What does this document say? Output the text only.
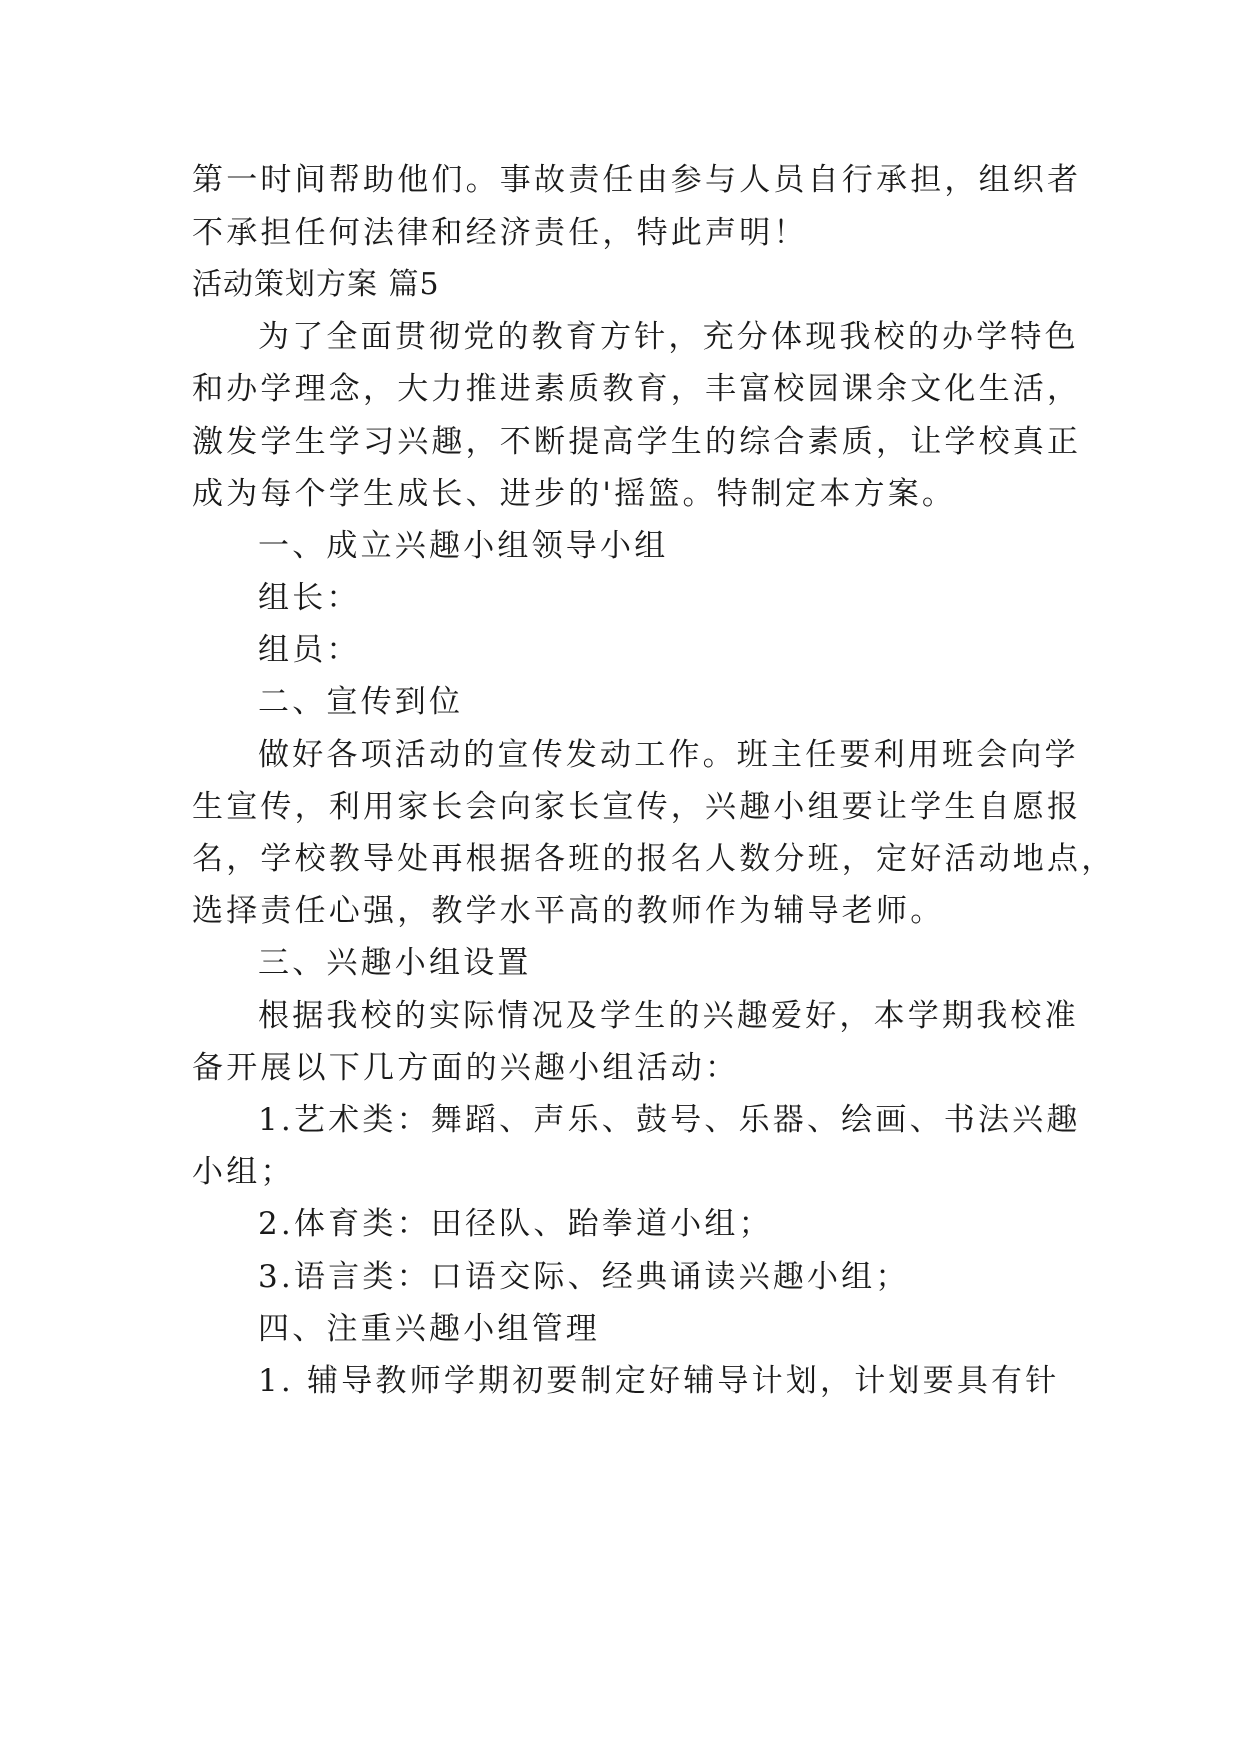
第一时间帮助他们。事故责任由参与人员自行承担，组织者
不承担任何法律和经济责任，特此声明！
活动策划方案 篇5
为了全面贯彻党的教育方针，充分体现我校的办学特色
和办学理念，大力推进素质教育，丰富校园课余文化生活，
激发学生学习兴趣，不断提高学生的综合素质，让学校真正
成为每个学生成长、进步的'摇篮。特制定本方案。
一、成立兴趣小组领导小组
组长：
组员：
二、宣传到位
做好各项活动的宣传发动工作。班主任要利用班会向学
生宣传，利用家长会向家长宣传，兴趣小组要让学生自愿报
名，学校教导处再根据各班的报名人数分班，定好活动地点，
选择责任心强，教学水平高的教师作为辅导老师。
三、兴趣小组设置
根据我校的实际情况及学生的兴趣爱好，本学期我校准
备开展以下几方面的兴趣小组活动：
1.艺术类：舞蹈、声乐、鼓号、乐器、绘画、书法兴趣
小组；
2.体育类：田径队、跆拳道小组；
3.语言类：口语交际、经典诵读兴趣小组；
四、注重兴趣小组管理
1. 辅导教师学期初要制定好辅导计划，计划要具有针
